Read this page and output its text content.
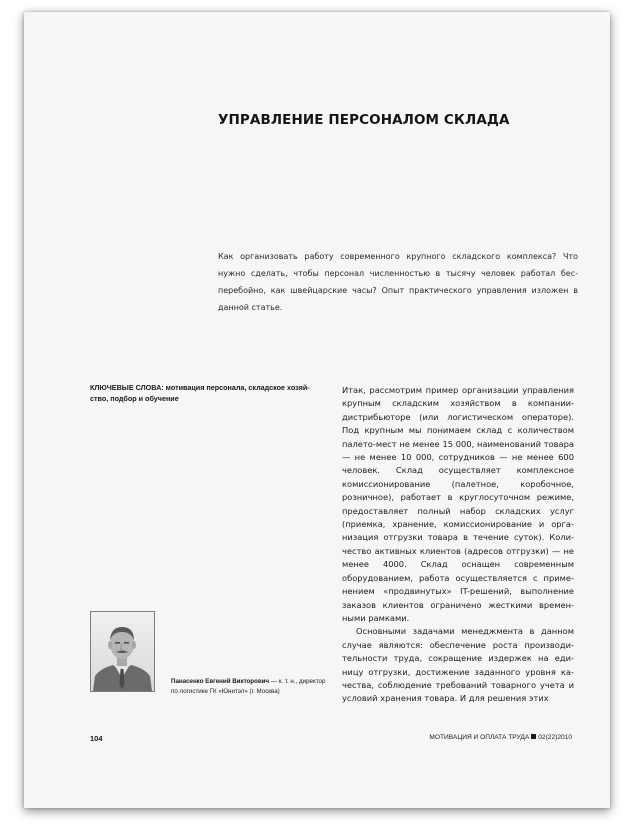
УПРАВЛЕНИЕ ПЕРСОНАЛОМ СКЛАДА

Как организовать работу современного крупного складского комплекса? Что нужно сделать, чтобы персонал численностью в тысячу человек работал бесперебойно, как швейцарские часы? Опыт практического управления изложен в данной статье.

КЛЮЧЕВЫЕ СЛОВА: мотивация персонала, складское хозяйство, подбор и обучение

Панасенко Евгений Викторович — к. т. н., директор по логистике ГК «Юнитэл» (г. Москва)

Итак, рассмотрим пример организации управления крупным складским хозяйством в компании-дистрибьюторе (или логистическом операторе). Под крупным мы понимаем склад с количеством палето-мест не менее 15 000, наименований товара — не менее 10 000, сотрудников — не менее 600 человек. Склад осуществляет комплексное комиссионирование (палетное, коробочное, розничное), работает в круглосуточном режиме, предоставляет полный набор складских услуг (приемка, хранение, комиссионирование и организация отгрузки товара в течение суток). Количество активных клиентов (адресов отгрузки) — не менее 4000. Склад оснащен современным оборудованием, работа осуществляется с применением «продвинутых» IT-решений, выполнение заказов клиентов ограничено жесткими временными рамками.

Основными задачами менеджмента в данном случае являются: обеспечение роста производительности труда, сокращение издержек на единицу отгрузки, достижение заданного уровня качества, соблюдение требований товарного учета и условий хранения товара. И для решения этих

104	МОТИВАЦИЯ И ОПЛАТА ТРУДА 02(22)2010
